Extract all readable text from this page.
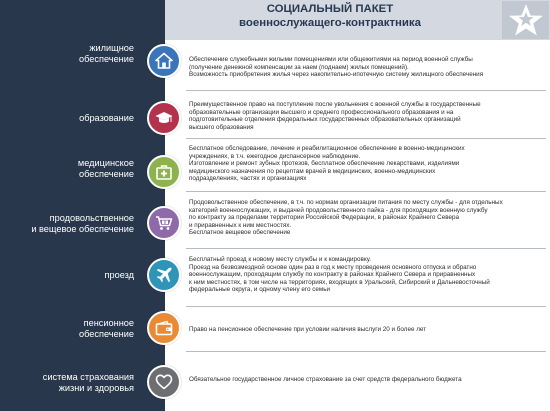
СОЦИАЛЬНЫЙ ПАКЕТ
военнослужащего-контрактника
жилищное
обеспечение	Обеспечение служебными жилыми помещениями или общежитиями на период военной службы
(получение денежной компенсации за наем (поднаем) жилых помещений).
Возможность приобретения жилья через накопительно-ипотечную систему жилищного обеспечения
образование
Преимущественное право на поступление после увольнения с военной службы в государственные
образовательные организации высшего и среднего профессионального образования и на
подготовительные отделения федеральных государственных образовательных организаций
высшего образования
медицинское
обеспечение
Бесплатное обследование, лечение и реабилитационное обеспечение в военно-медицинских
учреждениях, в т.ч. ежегодное диспансерное наблюдение.
Изготовление и ремонт зубных протезов, бесплатное обеспечение лекарствами, изделиями
медицинского назначения по рецептам врачей в медицинских, военно-медицинских
подразделениях, частях и организациях
продовольственное
и вещевое обеспечение
Продовольственное обеспечение, в т.ч. по нормам организации питания по месту службы - для отдельных
категорий военнослужащих, и выдачей продовольственного пайка - для проходящих военную службу
по контракту за пределами территории Российской Федерации, в районах Крайнего Севера
и приравненных к ним местностях.
Бесплатное вещевое обеспечение
проезд
Бесплатный проезд к новому месту службы и к командировку.
Проезд на безвозмездной основе один раз в год к месту проведения основного отпуска и обратно
военнослужащим, проходящим службу по контракту в районах Крайнего Севера и приравненных
к ним местностях, в том числе на территориях, входящих в Уральский, Сибирский и Дальневосточный
федеральные округа, и одному члену его семьи
пенсионное
обеспечение	Право на пенсионное обеспечение при условии наличия выслуги 20 и более лет
система страхования
жизни и здоровья
Обязательное государственное личное страхование за счет средств федерального бюджета
